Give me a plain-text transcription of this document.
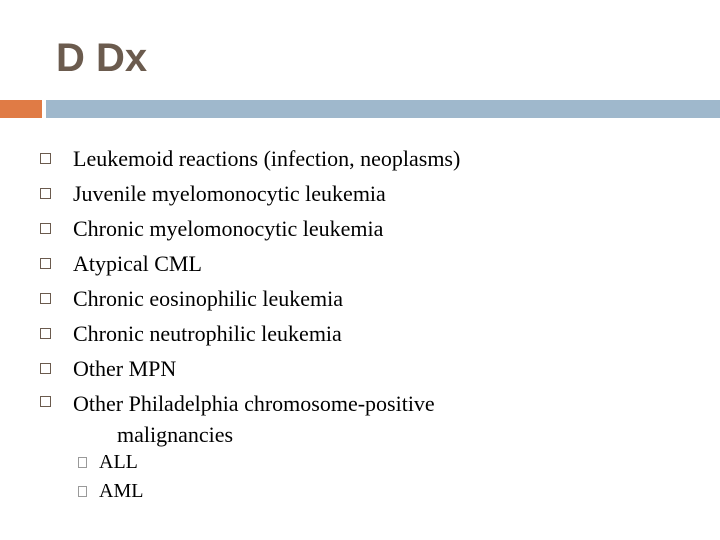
D Dx
Leukemoid reactions (infection, neoplasms)
Juvenile myelomonocytic leukemia
Chronic myelomonocytic leukemia
Atypical CML
Chronic eosinophilic leukemia
Chronic neutrophilic leukemia
Other MPN
Other Philadelphia chromosome-positive malignancies
ALL
AML
